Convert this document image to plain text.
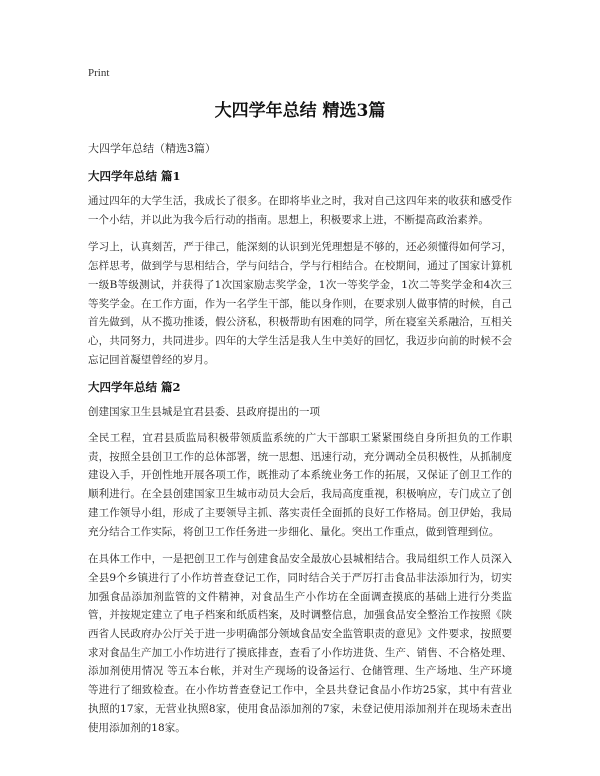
Print
大四学年总结 精选3篇

大四学年总结（精选3篇）

大四学年总结 篇1

通过四年的大学生活，我成长了很多。在即将毕业之时，我对自己这四年来的收获和感受作一个小结，并以此为我今后行动的指南。思想上，积极要求上进，不断提高政治素养。

学习上，认真刻苦，严于律己，能深刻的认识到光凭理想是不够的，还必须懂得如何学习，怎样思考，做到学与思相结合，学与问结合，学与行相结合。在校期间，通过了国家计算机一级B等级测试，并获得了1次国家励志奖学金，1次一等奖学金，1次二等奖学金和4次三等奖学金。在工作方面，作为一名学生干部，能以身作则，在要求别人做事情的时候，自己首先做到，从不揽功推诿，假公济私，积极帮助有困难的同学，所在寝室关系融洽，互相关心，共同努力，共同进步。四年的大学生活是我人生中美好的回忆，我迈步向前的时候不会忘记回首凝望曾经的岁月。

大四学年总结 篇2

创建国家卫生县城是宜君县委、县政府提出的一项

全民工程，宜君县质监局积极带领质监系统的广大干部职工紧紧围绕自身所担负的工作职责，按照全县创卫工作的总体部署，统一思想、迅速行动，充分调动全员积极性，从抓制度建设入手，开创性地开展各项工作，既推动了本系统业务工作的拓展，又保证了创卫工作的顺利进行。在全县创建国家卫生城市动员大会后，我局高度重视，积极响应，专门成立了创建工作领导小组，形成了主要领导主抓、落实责任全面抓的良好工作格局。创卫伊始，我局充分结合工作实际，将创卫工作任务进一步细化、量化。突出工作重点，做到管理到位。

在具体工作中，一是把创卫工作与创建食品安全最放心县城相结合。我局组织工作人员深入全县9个乡镇进行了小作坊普查登记工作，同时结合关于严厉打击食品非法添加行为，切实加强食品添加剂监管的文件精神，对食品生产小作坊在全面调查摸底的基础上进行分类监管，并按规定建立了电子档案和纸质档案，及时调整信息，加强食品安全整治工作按照《陕西省人民政府办公厅关于进一步明确部分领域食品安全监管职责的意见》文件要求，按照要求对食品生产加工小作坊进行了摸底排查，查看了小作坊进货、生产、销售、不合格处理、添加剂使用情况 等五本台帐，并对生产现场的设备运行、仓储管理、生产场地、生产环境等进行了细致检查。在小作坊普查登记工作中，全县共登记食品小作坊25家，其中有营业执照的17家，无营业执照8家，使用食品添加剂的7家，未登记使用添加剂并在现场未查出使用添加剂的18家。
